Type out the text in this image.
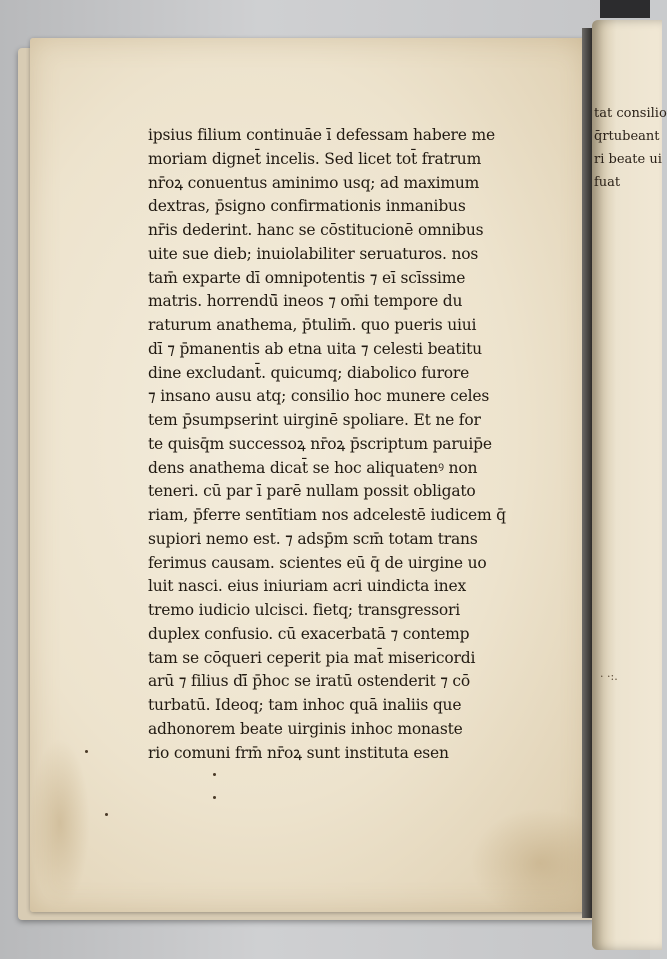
ipsius filium continuāe ī defessam habere me
moriam dignet̄ incelis. Sed licet tot̄ fratrum
nr̄oꝝ conuentus aminimo usq; ad maximum
dextras, p̄signo confirmationis inmanibus
nr̄is dederint. hanc se cōstitucionē omnibus
uite sue dieb; inuiolabiliter seruaturos. nos
tam̄ exparte dī omnipotentis ⁊ eī scīssime
matris. horrendū̄ ineos ⁊ om̄i tempore du
raturum anathema, p̄tulim̄. quo pueris uiui
dī ⁊ p̄manentis ab etna uita ⁊ celesti beatitu
dine excludant̄. quicumq; diabolico furore
⁊ insano ausu atq; consilio hoc munere celes
tem p̄sumpserint uirginē spoliare. Et ne for
te quisq̄m successoꝝ nr̄oꝝ p̄scriptum paruip̄e
dens anathema dicat̄ se hoc aliquatenꝰ non
teneri. cū par ī parē nullam possit obligato
riam, p̄ferre sentītiam nos adcelestē iudicem q̄
supiori nemo est. ⁊ adsp̄m scm̄ totam trans
ferimus causam. scientes eū q̄ de uirgine uo
luit nasci. eius iniuriam acri uindicta inex
tremo iudicio ulcisci. fietq; transgressori
duplex confusio. cū exacerbatā ⁊ contemp
tam se cōqueri ceperit pia mat̄ misericordi
arū ⁊ filius dī̄ p̄hoc se iratū ostenderit ⁊ cō
turbatū. Ideoq; tam inhoc quā inaliis que
adhonorem beate uirginis inhoc monaste
rio comuni frm̄ nr̄oꝝ sunt instituta esen
tat consilio
q̄rtubeant
ri beate ui
fuat
· ·:.
